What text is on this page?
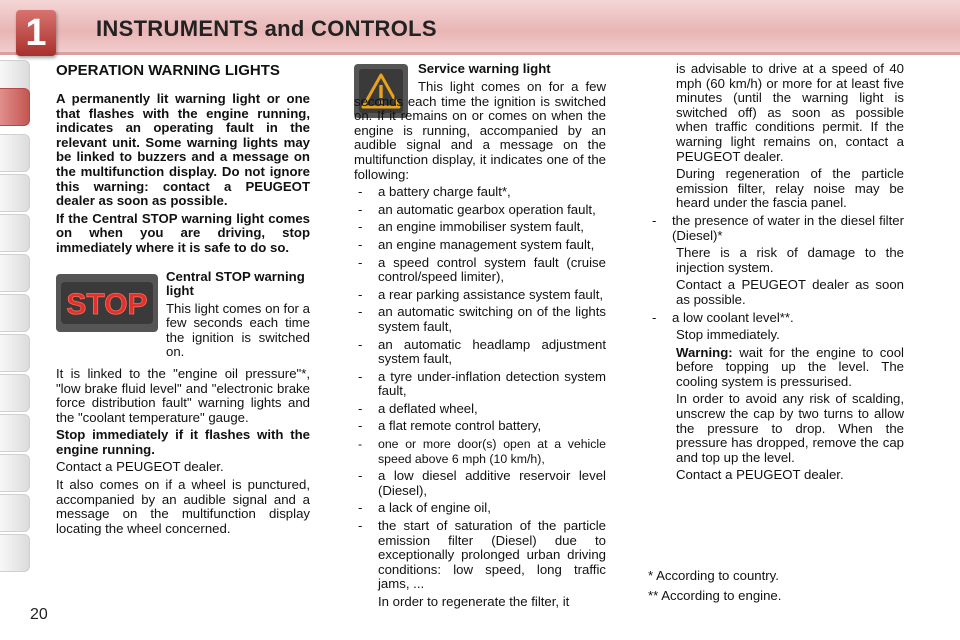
1	INSTRUMENTS and CONTROLS
OPERATION WARNING LIGHTS

A permanently lit warning light or one that flashes with the engine running, indicates an operating fault in the relevant unit. Some warning lights may be linked to buzzers and a message on the multifunction display. Do not ignore this warning: contact a PEUGEOT dealer as soon as possible.

If the Central STOP warning light comes on when you are driving, stop immediately where it is safe to do so.

STOP
Central STOP warning light

This light comes on for a few seconds each time the ignition is switched on.

It is linked to the "engine oil pressure"*, "low brake fluid level" and "electronic brake force distribution fault" warning lights and the "coolant temperature" gauge.

Stop immediately if it flashes with the engine running.

Contact a PEUGEOT dealer.

It also comes on if a wheel is punctured, accompanied by an audible signal and a message on the multifunction display locating the wheel concerned.

Service warning light

This light comes on for a few seconds each time the ignition is switched on. If it remains on or comes on when the engine is running, accompanied by an audible signal and a message on the multifunction display, it indicates one of the following:

- a battery charge fault*,
- an automatic gearbox operation fault,
- an engine immobiliser system fault,
- an engine management system fault,
- a speed control system fault (cruise control/speed limiter),
- a rear parking assistance system fault,
- an automatic switching on of the lights system fault,
- an automatic headlamp adjustment system fault,
- a tyre under-inflation detection system fault,
- a deflated wheel,
- a flat remote control battery,
- one or more door(s) open at a vehicle speed above 6 mph (10 km/h),
- a low diesel additive reservoir level (Diesel),
- a lack of engine oil,
- the start of saturation of the particle emission filter (Diesel) due to exceptionally prolonged urban driving conditions: low speed, long traffic jams, ...

In order to regenerate the filter, it

is advisable to drive at a speed of 40 mph (60 km/h) or more for at least five minutes (until the warning light is switched off) as soon as possible when traffic conditions permit. If the warning light remains on, contact a PEUGEOT dealer.

During regeneration of the particle emission filter, relay noise may be heard under the fascia panel.

- the presence of water in the diesel filter (Diesel)*

There is a risk of damage to the injection system.

Contact a PEUGEOT dealer as soon as possible.

- a low coolant level**.

Stop immediately.

Warning: wait for the engine to cool before topping up the level. The cooling system is pressurised.

In order to avoid any risk of scalding, unscrew the cap by two turns to allow the pressure to drop. When the pressure has dropped, remove the cap and top up the level.

Contact a PEUGEOT dealer.

* According to country.
** According to engine.
20
